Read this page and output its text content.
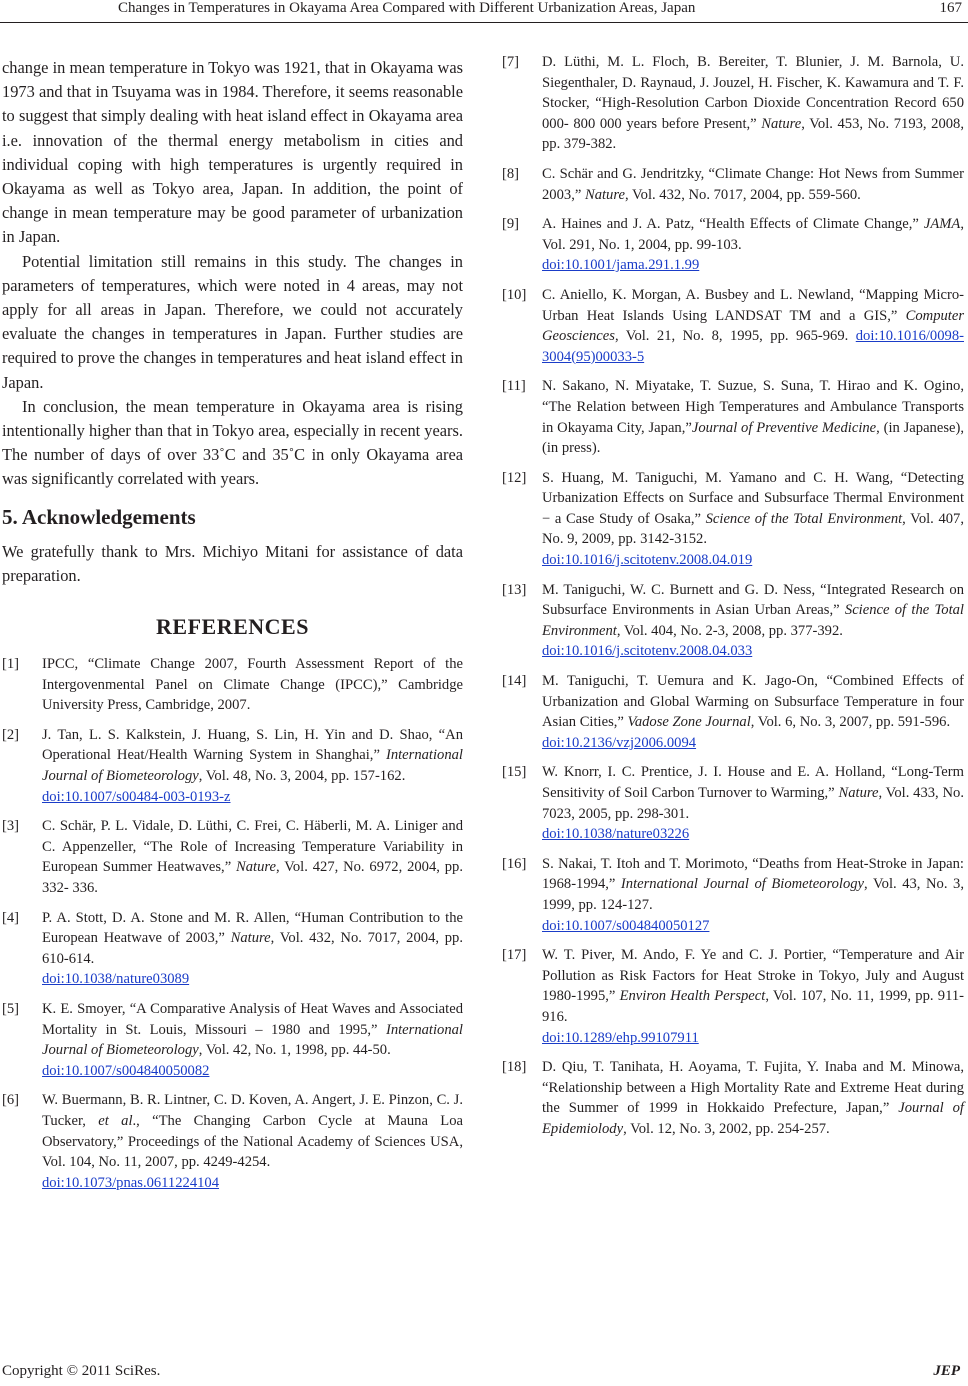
Changes in Temperatures in Okayama Area Compared with Different Urbanization Areas, Japan	167

change in mean temperature in Tokyo was 1921, that in Okayama was 1973 and that in Tsuyama was in 1984. Therefore, it seems reasonable to suggest that simply dealing with heat island effect in Okayama area i.e. innovation of the thermal energy metabolism in cities and individual coping with high temperatures is urgently required in Okayama as well as Tokyo area, Japan. In addition, the point of change in mean temperature may be good parameter of urbanization in Japan.

Potential limitation still remains in this study. The changes in parameters of temperatures, which were noted in 4 areas, may not apply for all areas in Japan. Therefore, we could not accurately evaluate the changes in temperatures in Japan. Further studies are required to prove the changes in temperatures and heat island effect in Japan.

In conclusion, the mean temperature in Okayama area is rising intentionally higher than that in Tokyo area, especially in recent years. The number of days of over 33˚C and 35˚C in only Okayama area was significantly correlated with years.

5. Acknowledgements

We gratefully thank to Mrs. Michiyo Mitani for assistance of data preparation.

REFERENCES
[1] IPCC, “Climate Change 2007, Fourth Assessment Report of the Intergovenmental Panel on Climate Change (IPCC),” Cambridge University Press, Cambridge, 2007.
[2] J. Tan, L. S. Kalkstein, J. Huang, S. Lin, H. Yin and D. Shao, “An Operational Heat/Health Warning System in Shanghai,” International Journal of Biometeorology, Vol. 48, No. 3, 2004, pp. 157-162.
doi:10.1007/s00484-003-0193-z
[3] C. Schär, P. L. Vidale, D. Lüthi, C. Frei, C. Häberli, M. A. Liniger and C. Appenzeller, “The Role of Increasing Temperature Variability in European Summer Heatwaves,” Nature, Vol. 427, No. 6972, 2004, pp. 332- 336.
[4] P. A. Stott, D. A. Stone and M. R. Allen, “Human Contribution to the European Heatwave of 2003,” Nature, Vol. 432, No. 7017, 2004, pp. 610-614.
doi:10.1038/nature03089
[5] K. E. Smoyer, “A Comparative Analysis of Heat Waves and Associated Mortality in St. Louis, Missouri – 1980 and 1995,” International Journal of Biometeorology, Vol. 42, No. 1, 1998, pp. 44-50.
doi:10.1007/s004840050082
[6] W. Buermann, B. R. Lintner, C. D. Koven, A. Angert, J. E. Pinzon, C. J. Tucker, et al., “The Changing Carbon Cycle at Mauna Loa Observatory,” Proceedings of the National Academy of Sciences USA, Vol. 104, No. 11, 2007, pp. 4249-4254.
doi:10.1073/pnas.0611224104
[7] D. Lüthi, M. L. Floch, B. Bereiter, T. Blunier, J. M. Barnola, U. Siegenthaler, D. Raynaud, J. Jouzel, H. Fischer, K. Kawamura and T. F. Stocker, “High-Resolution Carbon Dioxide Concentration Record 650 000- 800 000 years before Present,” Nature, Vol. 453, No. 7193, 2008, pp. 379-382.
[8] C. Schär and G. Jendritzky, “Climate Change: Hot News from Summer 2003,” Nature, Vol. 432, No. 7017, 2004, pp. 559-560.
[9] A. Haines and J. A. Patz, “Health Effects of Climate Change,” JAMA, Vol. 291, No. 1, 2004, pp. 99-103.
doi:10.1001/jama.291.1.99
[10] C. Aniello, K. Morgan, A. Busbey and L. Newland, “Mapping Micro-Urban Heat Islands Using LANDSAT TM and a GIS,” Computer Geosciences, Vol. 21, No. 8, 1995, pp. 965-969. doi:10.1016/0098-3004(95)00033-5
[11] N. Sakano, N. Miyatake, T. Suzue, S. Suna, T. Hirao and K. Ogino, “The Relation between High Temperatures and Ambulance Transports in Okayama City, Japan,”Journal of Preventive Medicine, (in Japanese), (in press).
[12] S. Huang, M. Taniguchi, M. Yamano and C. H. Wang, “Detecting Urbanization Effects on Surface and Subsurface Thermal Environment − a Case Study of Osaka,” Science of the Total Environment, Vol. 407, No. 9, 2009, pp. 3142-3152.
doi:10.1016/j.scitotenv.2008.04.019
[13] M. Taniguchi, W. C. Burnett and G. D. Ness, “Integrated Research on Subsurface Environments in Asian Urban Areas,” Science of the Total Environment, Vol. 404, No. 2-3, 2008, pp. 377-392.
doi:10.1016/j.scitotenv.2008.04.033
[14] M. Taniguchi, T. Uemura and K. Jago-On, “Combined Effects of Urbanization and Global Warming on Subsurface Temperature in four Asian Cities,” Vadose Zone Journal, Vol. 6, No. 3, 2007, pp. 591-596.
doi:10.2136/vzj2006.0094
[15] W. Knorr, I. C. Prentice, J. I. House and E. A. Holland, “Long-Term Sensitivity of Soil Carbon Turnover to Warming,” Nature, Vol. 433, No. 7023, 2005, pp. 298-301.
doi:10.1038/nature03226
[16] S. Nakai, T. Itoh and T. Morimoto, “Deaths from Heat-Stroke in Japan: 1968-1994,” International Journal of Biometeorology, Vol. 43, No. 3, 1999, pp. 124-127.
doi:10.1007/s004840050127
[17] W. T. Piver, M. Ando, F. Ye and C. J. Portier, “Temperature and Air Pollution as Risk Factors for Heat Stroke in Tokyo, July and August 1980-1995,” Environ Health Perspect, Vol. 107, No. 11, 1999, pp. 911-916.
doi:10.1289/ehp.99107911
[18] D. Qiu, T. Tanihata, H. Aoyama, T. Fujita, Y. Inaba and M. Minowa, “Relationship between a High Mortality Rate and Extreme Heat during the Summer of 1999 in Hokkaido Prefecture, Japan,” Journal of Epidemiolody, Vol. 12, No. 3, 2002, pp. 254-257.
Copyright © 2011 SciRes.	JEP
